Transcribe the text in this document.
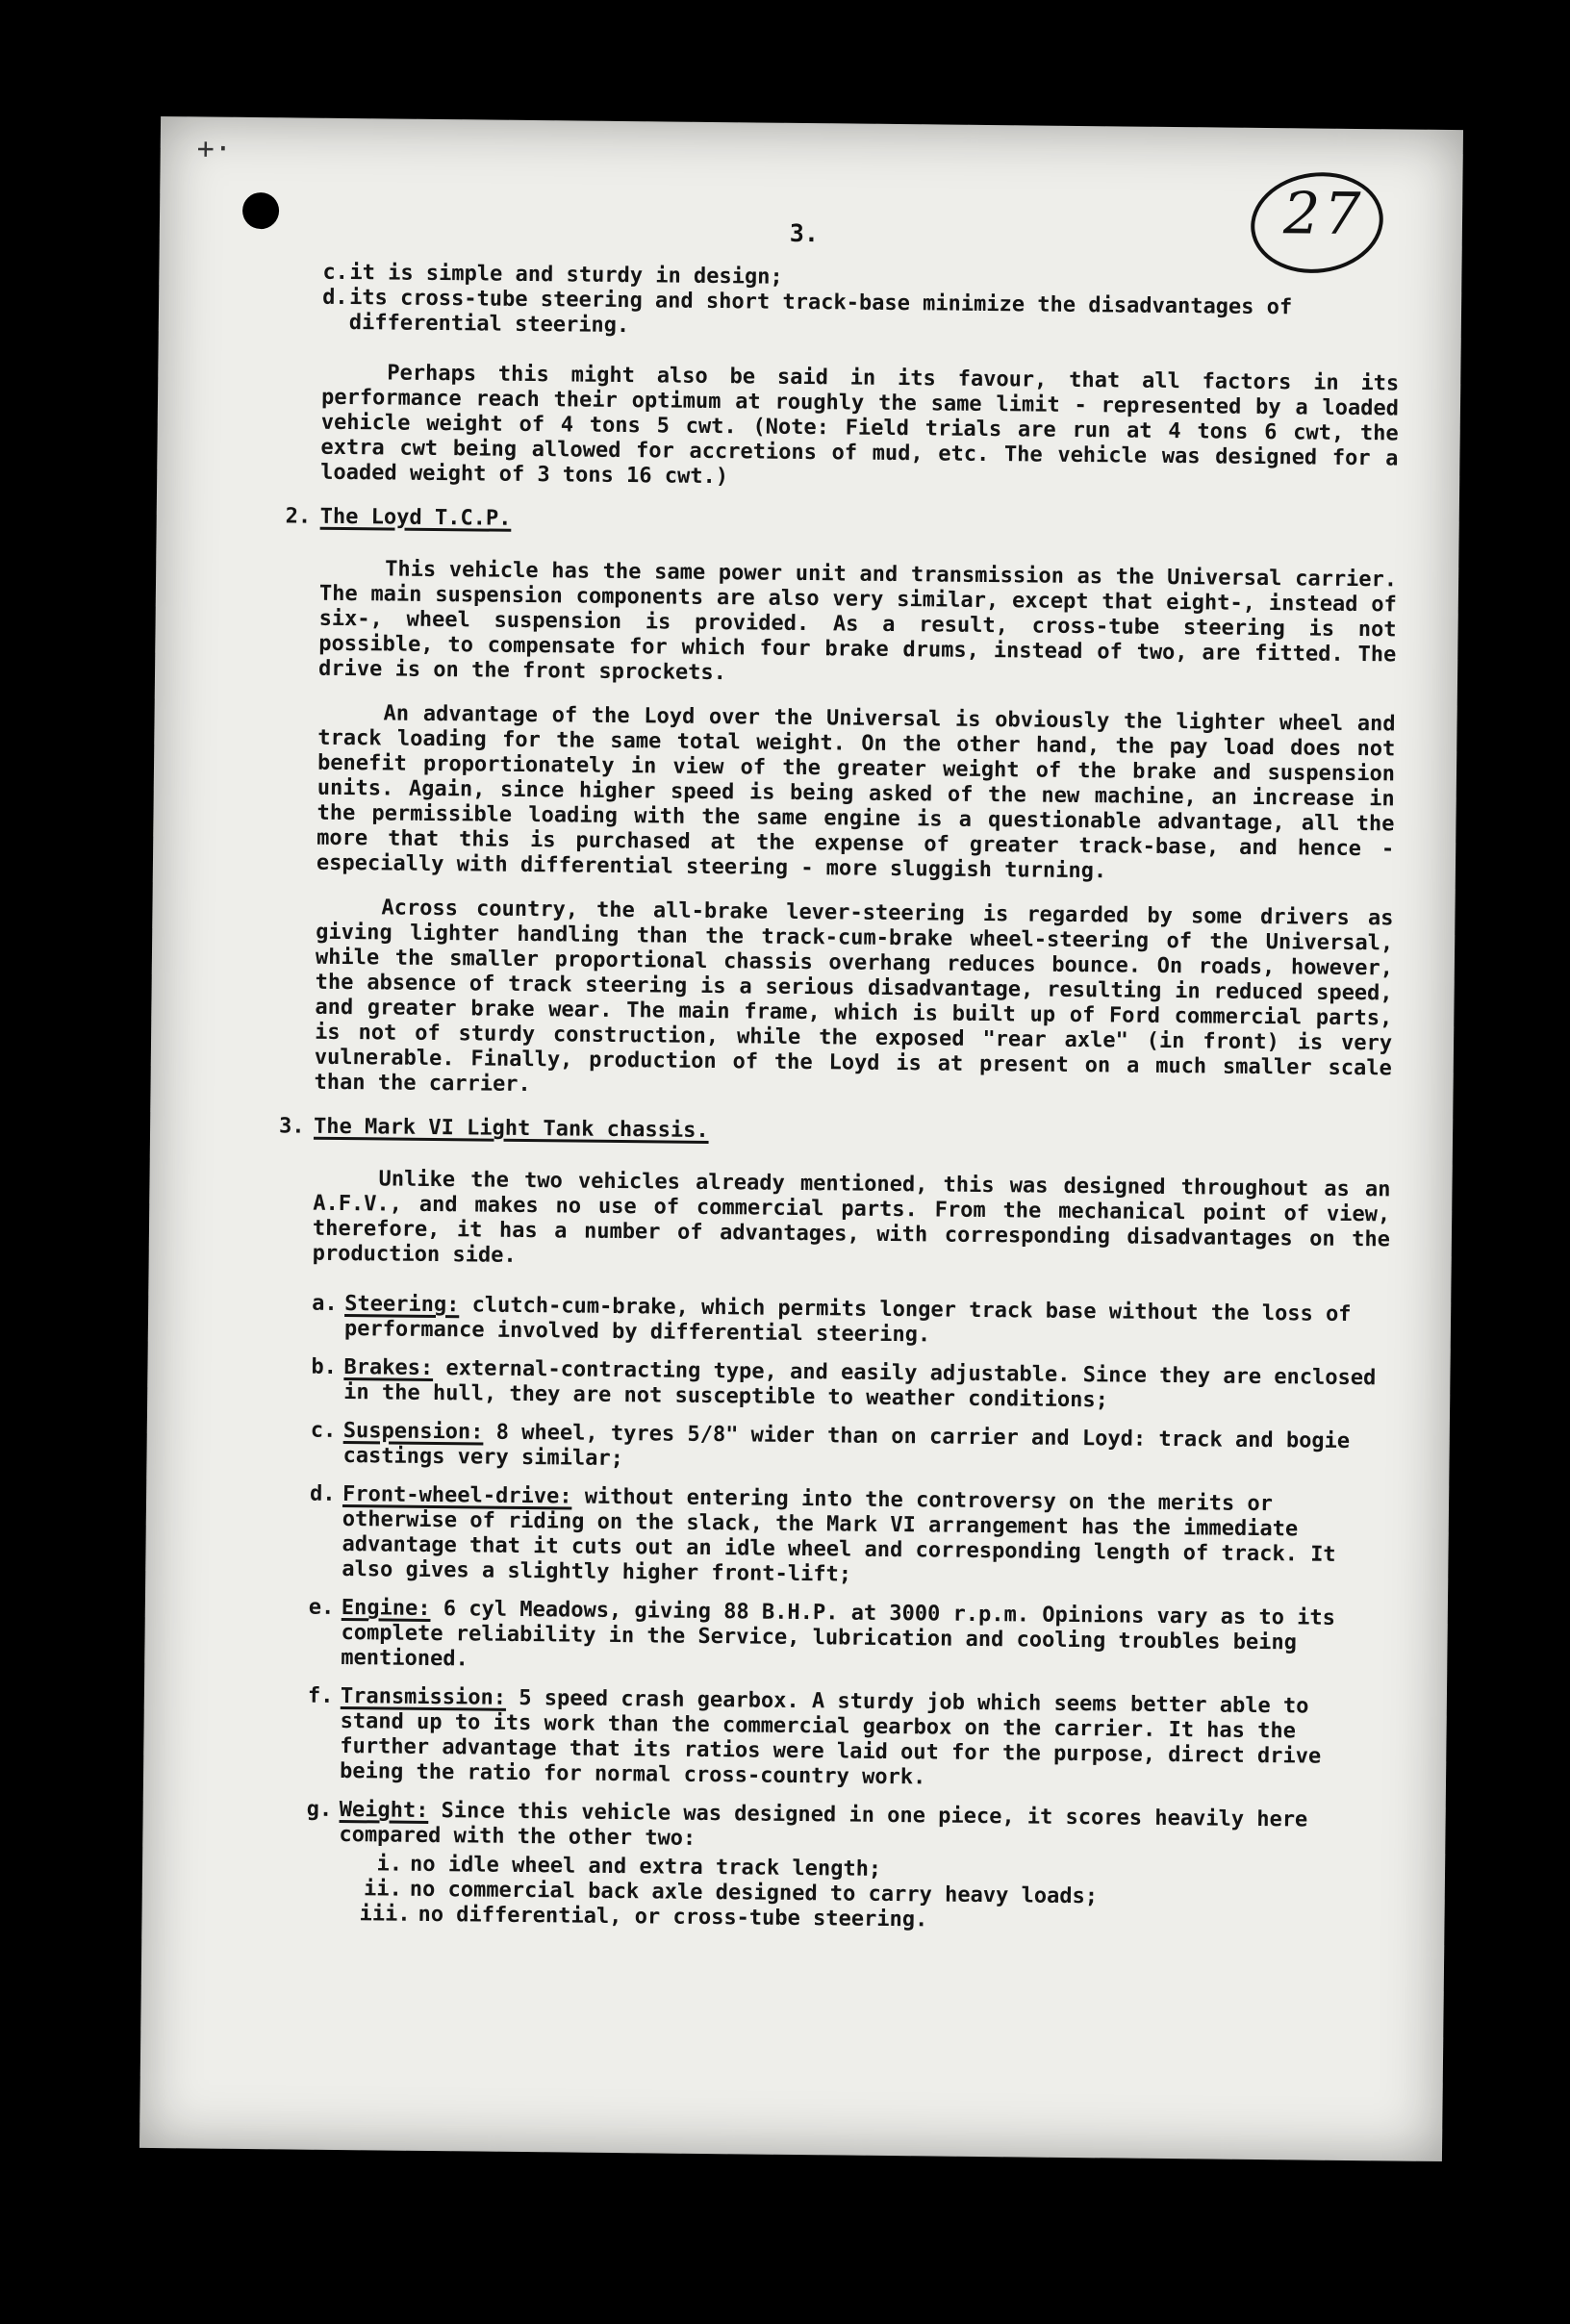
+·
27
3.
c. it is simple and sturdy in design;
d. its cross-tube steering and short track-base minimize the disadvantages of differential steering.

Perhaps this might also be said in its favour, that all factors in its performance reach their optimum at roughly the same limit - represented by a loaded vehicle weight of 4 tons 5 cwt. (Note: Field trials are run at 4 tons 6 cwt, the extra cwt being allowed for accretions of mud, etc. The vehicle was designed for a loaded weight of 3 tons 16 cwt.)

2. The Loyd T.C.P.

This vehicle has the same power unit and transmission as the Universal carrier. The main suspension components are also very similar, except that eight-, instead of six-, wheel suspension is provided. As a result, cross-tube steering is not possible, to compensate for which four brake drums, instead of two, are fitted. The drive is on the front sprockets.

An advantage of the Loyd over the Universal is obviously the lighter wheel and track loading for the same total weight. On the other hand, the pay load does not benefit proportionately in view of the greater weight of the brake and suspension units. Again, since higher speed is being asked of the new machine, an increase in the permissible loading with the same engine is a questionable advantage, all the more that this is purchased at the expense of greater track-base, and hence - especially with differential steering - more sluggish turning.

Across country, the all-brake lever-steering is regarded by some drivers as giving lighter handling than the track-cum-brake wheel-steering of the Universal, while the smaller proportional chassis overhang reduces bounce. On roads, however, the absence of track steering is a serious disadvantage, resulting in reduced speed, and greater brake wear. The main frame, which is built up of Ford commercial parts, is not of sturdy construction, while the exposed "rear axle" (in front) is very vulnerable. Finally, production of the Loyd is at present on a much smaller scale than the carrier.

3. The Mark VI Light Tank chassis.

Unlike the two vehicles already mentioned, this was designed throughout as an A.F.V., and makes no use of commercial parts. From the mechanical point of view, therefore, it has a number of advantages, with corresponding disadvantages on the production side.

a. Steering: clutch-cum-brake, which permits longer track base without the loss of performance involved by differential steering.
b. Brakes: external-contracting type, and easily adjustable. Since they are enclosed in the hull, they are not susceptible to weather conditions;
c. Suspension: 8 wheel, tyres 5/8" wider than on carrier and Loyd: track and bogie castings very similar;
d. Front-wheel-drive: without entering into the controversy on the merits or otherwise of riding on the slack, the Mark VI arrangement has the immediate advantage that it cuts out an idle wheel and corresponding length of track. It also gives a slightly higher front-lift;
e. Engine: 6 cyl Meadows, giving 88 B.H.P. at 3000 r.p.m. Opinions vary as to its complete reliability in the Service, lubrication and cooling troubles being mentioned.
f. Transmission: 5 speed crash gearbox. A sturdy job which seems better able to stand up to its work than the commercial gearbox on the carrier. It has the further advantage that its ratios were laid out for the purpose, direct drive being the ratio for normal cross-country work.
g. Weight: Since this vehicle was designed in one piece, it scores heavily here compared with the other two:
i. no idle wheel and extra track length;
ii. no commercial back axle designed to carry heavy loads;
iii. no differential, or cross-tube steering.
